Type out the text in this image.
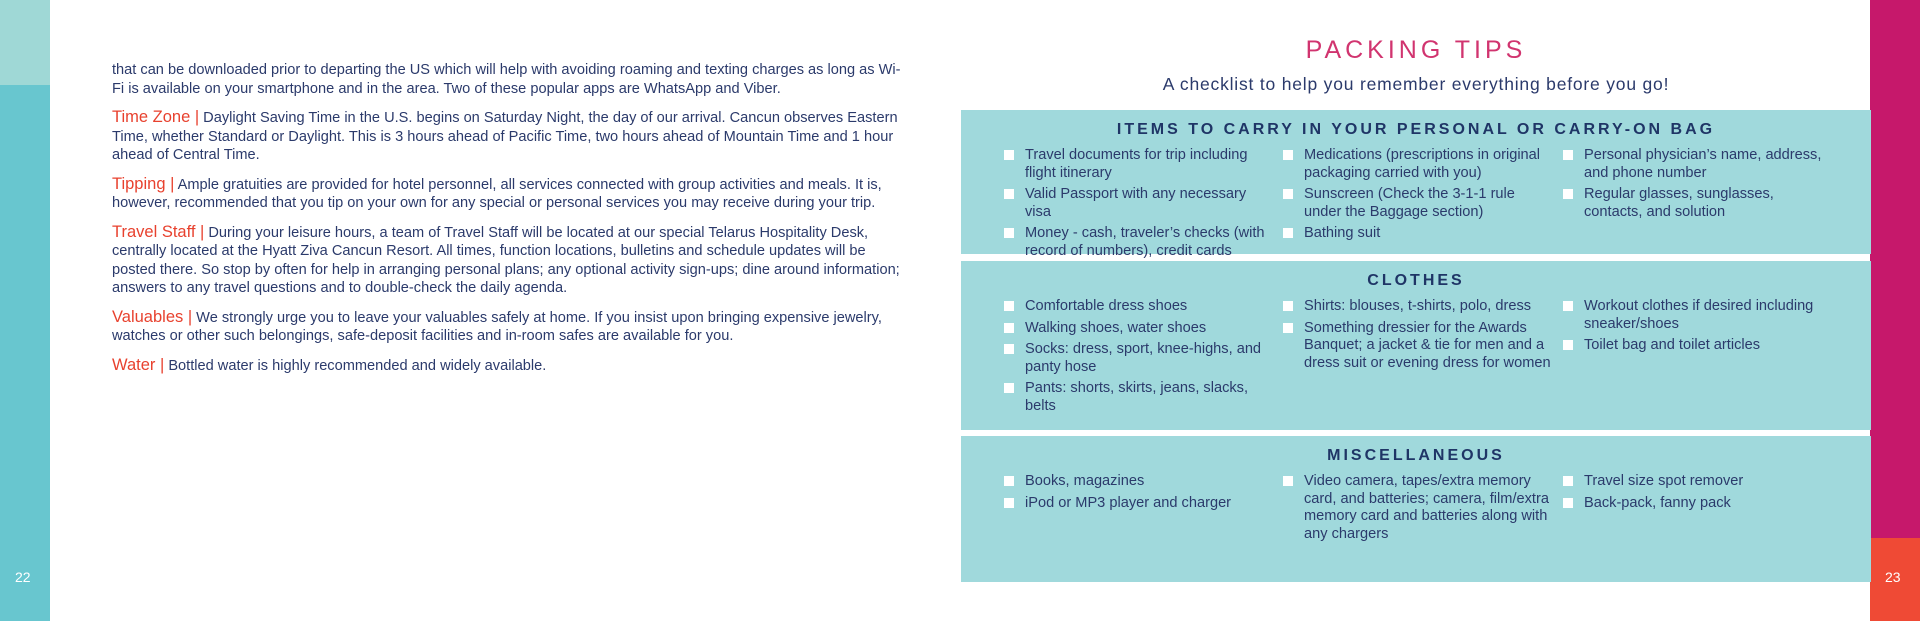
22

that can be downloaded prior to departing the US which will help with avoiding roaming and texting charges as long as Wi-Fi is available on your smartphone and in the area. Two of these popular apps are WhatsApp and Viber.

Time Zone | Daylight Saving Time in the U.S. begins on Saturday Night, the day of our arrival. Cancun observes Eastern Time, whether Standard or Daylight. This is 3 hours ahead of Pacific Time, two hours ahead of Mountain Time and 1 hour ahead of Central Time.

Tipping | Ample gratuities are provided for hotel personnel, all services connected with group activities and meals. It is, however, recommended that you tip on your own for any special or personal services you may receive during your trip.

Travel Staff | During your leisure hours, a team of Travel Staff will be located at our special Telarus Hospitality Desk, centrally located at the Hyatt Ziva Cancun Resort. All times, function locations, bulletins and schedule updates will be posted there. So stop by often for help in arranging personal plans; any optional activity sign-ups; dine around information; answers to any travel questions and to double-check the daily agenda.

Valuables | We strongly urge you to leave your valuables safely at home. If you insist upon bringing expensive jewelry, watches or other such belongings, safe-deposit facilities and in-room safes are available for you.

Water | Bottled water is highly recommended and widely available.

23
PACKING TIPS
A checklist to help you remember everything before you go!
ITEMS TO CARRY IN YOUR PERSONAL OR CARRY-ON BAG
Travel documents for trip including flight itinerary
Valid Passport with any necessary visa
Money - cash, traveler’s checks (with record of numbers), credit cards
Medications (prescriptions in original packaging carried with you)
Sunscreen (Check the 3-1-1 rule under the Baggage section)
Bathing suit
Personal physician’s name, address, and phone number
Regular glasses, sunglasses, contacts, and solution
CLOTHES
Comfortable dress shoes
Walking shoes, water shoes
Socks: dress, sport, knee-highs, and panty hose
Pants: shorts, skirts, jeans, slacks, belts
Shirts: blouses, t-shirts, polo, dress
Something dressier for the Awards Banquet; a jacket & tie for men and a dress suit or evening dress for women
Workout clothes if desired including sneaker/shoes
Toilet bag and toilet articles
MISCELLANEOUS
Books, magazines
iPod or MP3 player and charger
Video camera, tapes/extra memory card, and batteries; camera, film/extra memory card and batteries along with any chargers
Travel size spot remover
Back-pack, fanny pack
